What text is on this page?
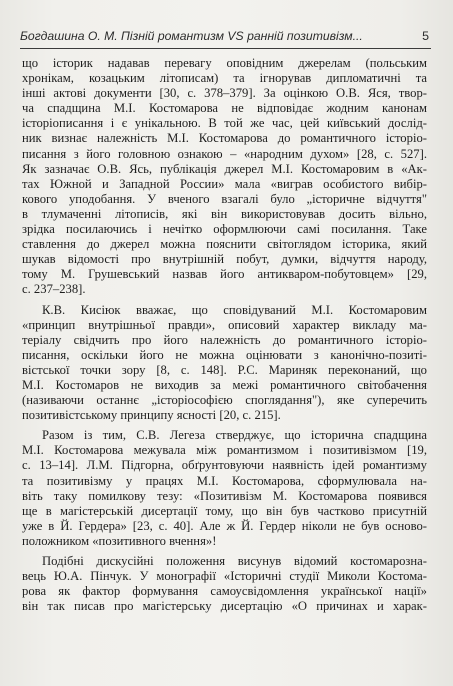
Богдашина О. М. Пізній романтизм VS ранній позитивізм...	5

що історик надавав перевагу оповідним джерелам (польським
хронікам, козацьким літописам) та ігнорував дипломатичні та
інші актові документи [30, с. 378–379]. За оцінкою О.В. Яся, твор-
ча спадщина М.І. Костомарова не відповідає жодним канонам
історіописання і є унікальною. В той же час, цей київський дослід-
ник визнає належність М.І. Костомарова до романтичного історіо-
писання з його головною ознакою – «народним духом» [28, с. 527].
Як зазначає О.В. Ясь, публікація джерел М.І. Костомаровим в «Ак-
тах Южной и Западной России» мала «виграв особистого вибір-
кового уподобання. У вченого взагалі було „історичне відчуття"
в тлумаченні літописів, які він використовував досить вільно,
зрідка посилаючись і нечітко оформлюючи самі посилання. Таке
ставлення до джерел можна пояснити світоглядом історика, який
шукав відомості про внутрішній побут, думки, відчуття народу,
тому М. Грушевський назвав його антикваром-побутовцем» [29,
с. 237–238].

К.В. Кисіюк вважає, що сповідуваний М.І. Костомаровим
«принцип внутрішньої правди», описовий характер викладу ма-
теріалу свідчить про його належність до романтичного історіо-
писання, оскільки його не можна оцінювати з канонічно-позиті-
вістської точки зору [8, с. 148]. Р.С. Мариняк переконаний, що
М.І. Костомаров не виходив за межі романтичного світобачення
(називаючи останнє „історіософією споглядання"), яке суперечить
позитивістському принципу ясності [20, с. 215].

Разом із тим, С.В. Легеза стверджує, що історична спадщина
М.І. Костомарова межувала між романтизмом і позитивізмом [19,
с. 13–14]. Л.М. Підгорна, обґрунтовуючи наявність ідей романтизму
та позитивізму у працях М.І. Костомарова, сформулювала на-
віть таку помилкову тезу: «Позитивізм М. Костомарова появився
ще в магістерській дисертації тому, що він був частково присутній
уже в Й. Гердера» [23, с. 40]. Але ж Й. Гердер ніколи не був осново-
положником «позитивного вчення»!

Подібні дискусійні положення висунув відомий костомарозна-
вець Ю.А. Пінчук. У монографії «Історичні студії Миколи Костома-
рова як фактор формування самоусвідомлення української нації»
він так писав про магістерську дисертацію «О причинах и харак-
